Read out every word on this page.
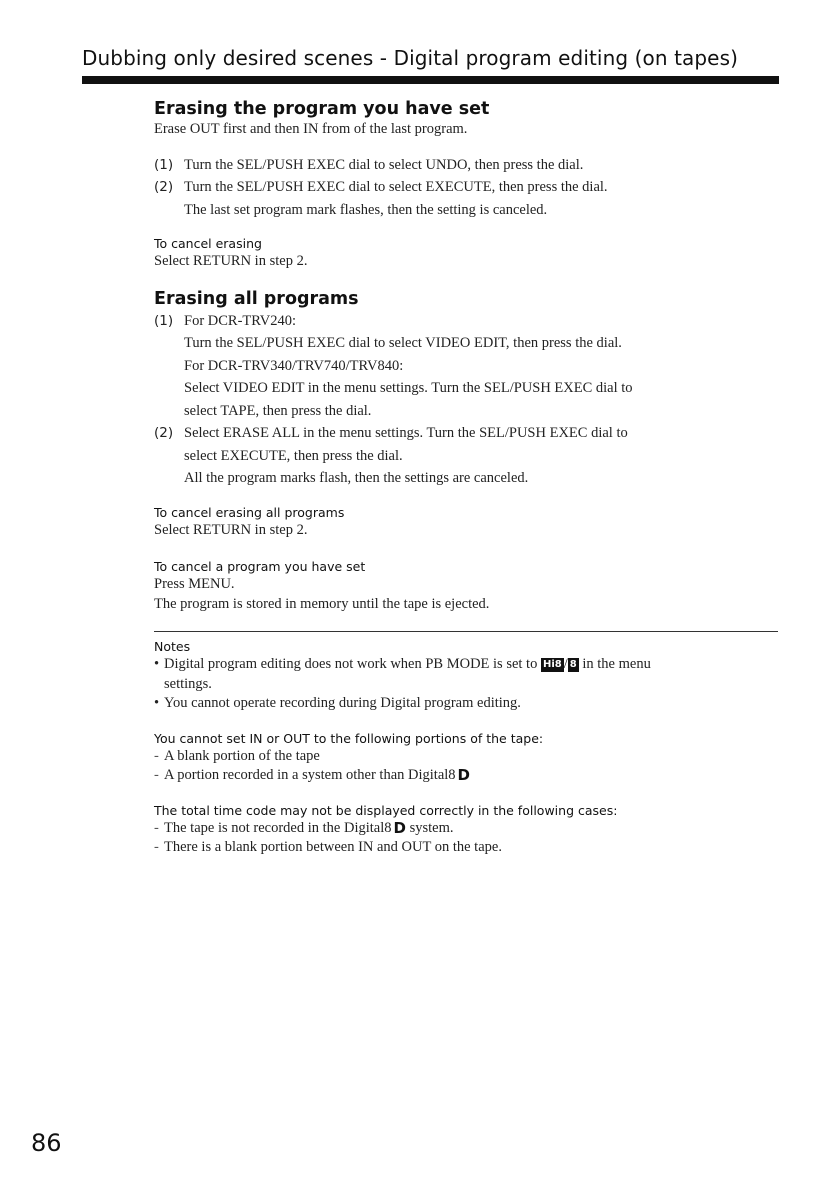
Dubbing only desired scenes - Digital program editing (on tapes)
Erasing the program you have set

Erase OUT first and then IN from of the last program.

(1) Turn the SEL/PUSH EXEC dial to select UNDO, then press the dial.
(2) Turn the SEL/PUSH EXEC dial to select EXECUTE, then press the dial.
The last set program mark flashes, then the setting is canceled.

To cancel erasing

Select RETURN in step 2.

Erasing all programs
(1) For DCR-TRV240:
Turn the SEL/PUSH EXEC dial to select VIDEO EDIT, then press the dial.
For DCR-TRV340/TRV740/TRV840:
Select VIDEO EDIT in the menu settings. Turn the SEL/PUSH EXEC dial to
select TAPE, then press the dial.
(2) Select ERASE ALL in the menu settings. Turn the SEL/PUSH EXEC dial to
select EXECUTE, then press the dial.
All the program marks flash, then the settings are canceled.

To cancel erasing all programs

Select RETURN in step 2.

To cancel a program you have set

Press MENU.

The program is stored in memory until the tape is ejected.

Notes

• Digital program editing does not work when PB MODE is set to Hi8 / 8 in the menu
settings.
• You cannot operate recording during Digital program editing.

You cannot set IN or OUT to the following portions of the tape:

- A blank portion of the tape
- A portion recorded in a system other than Digital8 D

The total time code may not be displayed correctly in the following cases:

- The tape is not recorded in the Digital8 D system.
- There is a blank portion between IN and OUT on the tape.

86
